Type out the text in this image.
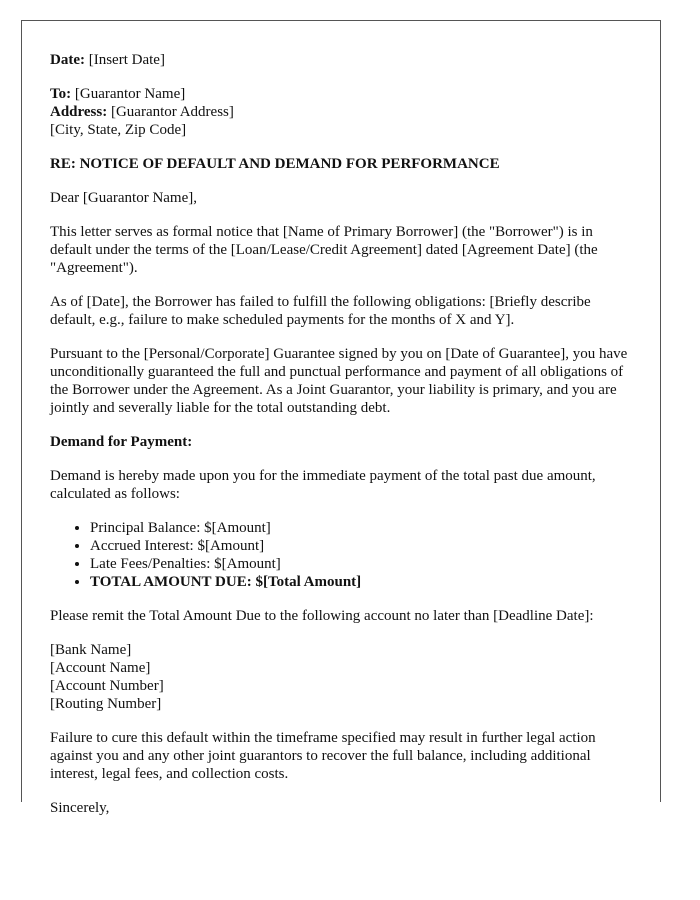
Date: [Insert Date]

To: [Guarantor Name]
Address: [Guarantor Address]
[City, State, Zip Code]

RE: NOTICE OF DEFAULT AND DEMAND FOR PERFORMANCE

Dear [Guarantor Name],

This letter serves as formal notice that [Name of Primary Borrower] (the "Borrower") is in default under the terms of the [Loan/Lease/Credit Agreement] dated [Agreement Date] (the "Agreement").

As of [Date], the Borrower has failed to fulfill the following obligations: [Briefly describe default, e.g., failure to make scheduled payments for the months of X and Y].

Pursuant to the [Personal/Corporate] Guarantee signed by you on [Date of Guarantee], you have unconditionally guaranteed the full and punctual performance and payment of all obligations of the Borrower under the Agreement. As a Joint Guarantor, your liability is primary, and you are jointly and severally liable for the total outstanding debt.

Demand for Payment:

Demand is hereby made upon you for the immediate payment of the total past due amount, calculated as follows:

• Principal Balance: $[Amount]
• Accrued Interest: $[Amount]
• Late Fees/Penalties: $[Amount]
• TOTAL AMOUNT DUE: $[Total Amount]

Please remit the Total Amount Due to the following account no later than [Deadline Date]:

[Bank Name]
[Account Name]
[Account Number]
[Routing Number]

Failure to cure this default within the timeframe specified may result in further legal action against you and any other joint guarantors to recover the full balance, including additional interest, legal fees, and collection costs.

Sincerely,
